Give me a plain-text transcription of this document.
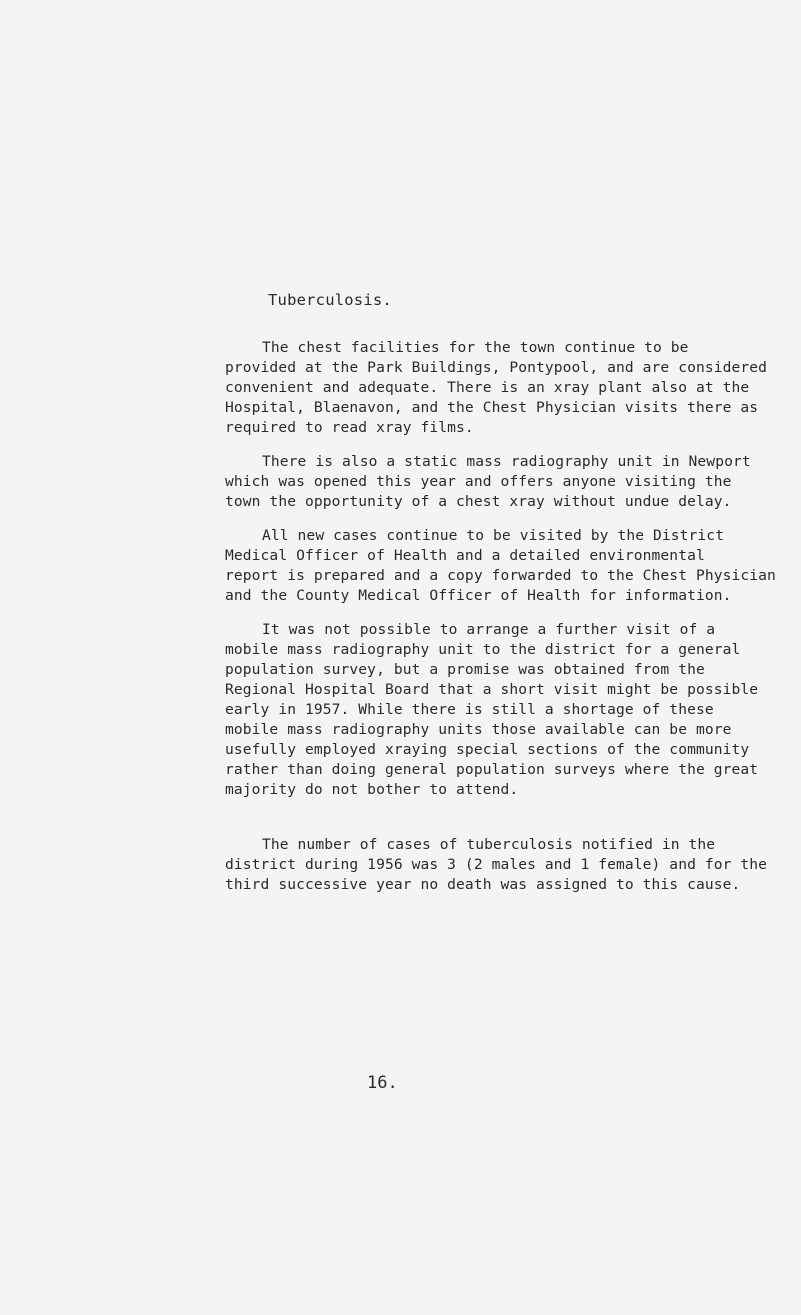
Tuberculosis.
The chest facilities for the town continue to be
provided at the Park Buildings, Pontypool, and are considered
convenient and adequate. There is an xray plant also at the
Hospital, Blaenavon, and the Chest Physician visits there as
required to read xray films.
There is also a static mass radiography unit in Newport
which was opened this year and offers anyone visiting the
town the opportunity of a chest xray without undue delay.
All new cases continue to be visited by the District
Medical Officer of Health and a detailed environmental
report is prepared and a copy forwarded to the Chest Physician
and the County Medical Officer of Health for information.
It was not possible to arrange a further visit of a
mobile mass radiography unit to the district for a general
population survey, but a promise was obtained from the
Regional Hospital Board that a short visit might be possible
early in 1957. While there is still a shortage of these
mobile mass radiography units those available can be more
usefully employed xraying special sections of the community
rather than doing general population surveys where the great
majority do not bother to attend.
The number of cases of tuberculosis notified in the
district during 1956 was 3 (2 males and 1 female) and for the
third successive year no death was assigned to this cause.

16.
